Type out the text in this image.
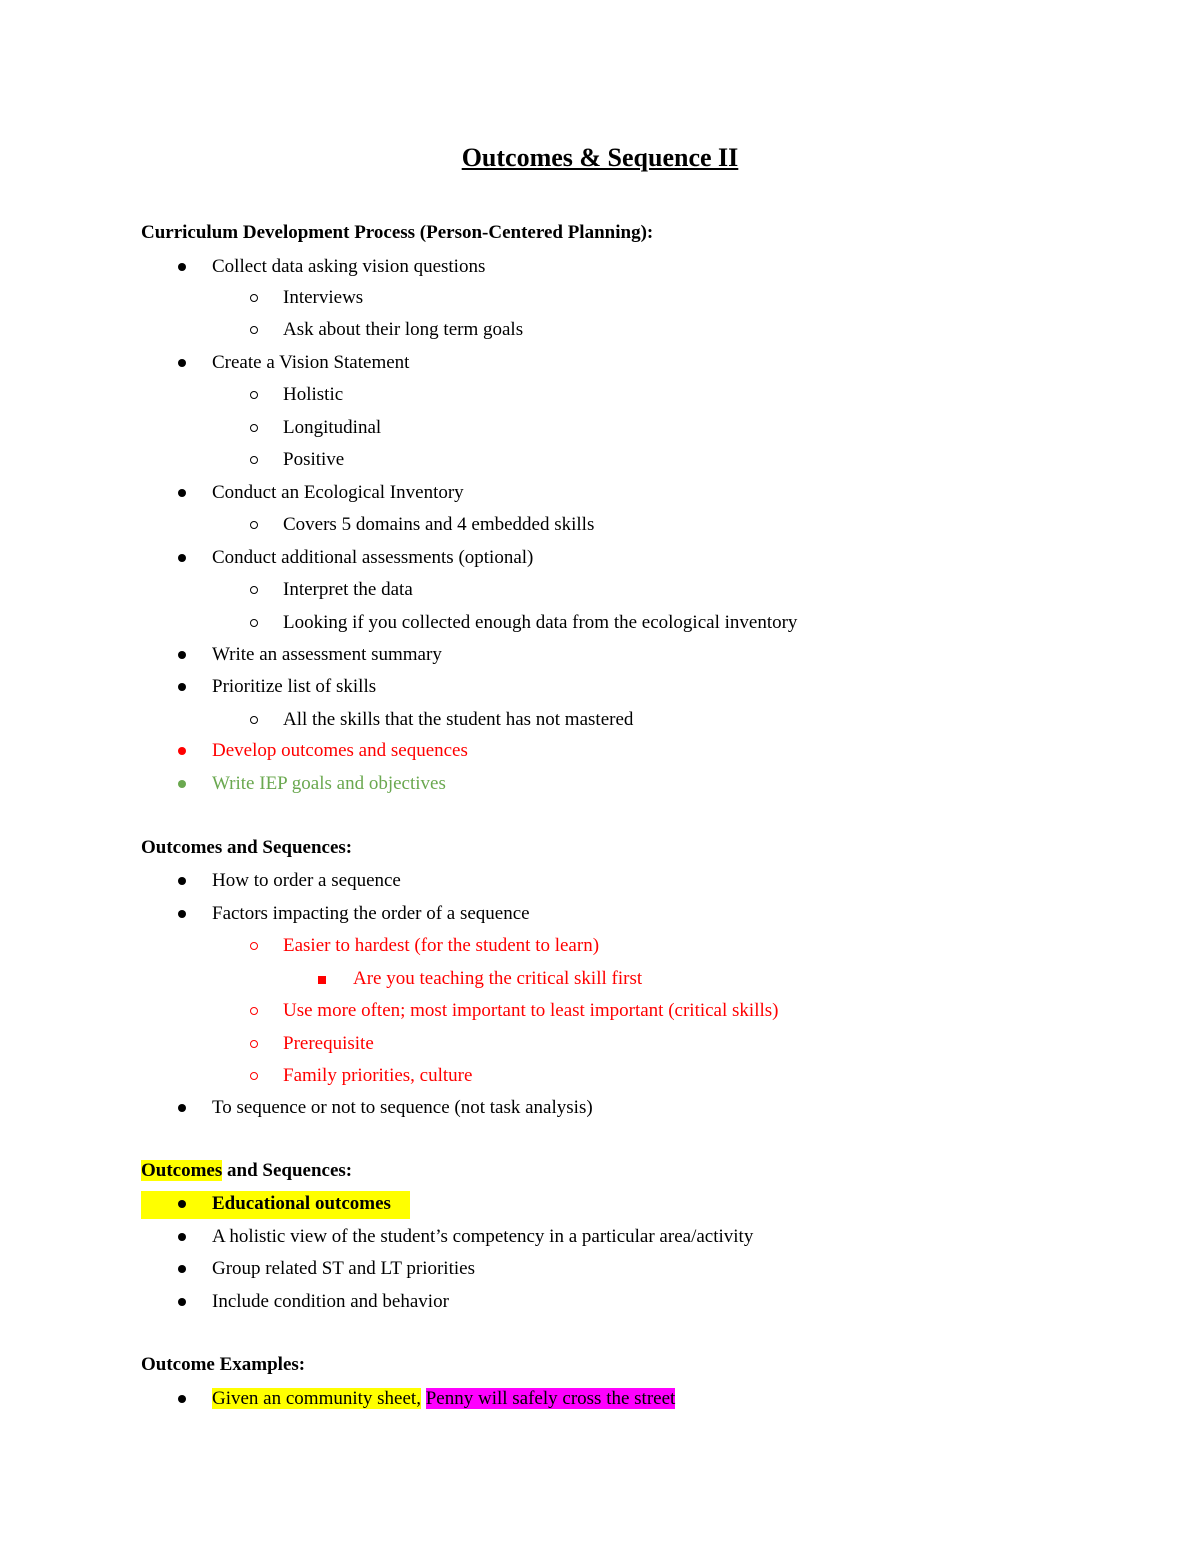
Outcomes & Sequence II
Curriculum Development Process (Person-Centered Planning):
Collect data asking vision questions
Interviews
Ask about their long term goals
Create a Vision Statement
Holistic
Longitudinal
Positive
Conduct an Ecological Inventory
Covers 5 domains and 4 embedded skills
Conduct additional assessments (optional)
Interpret the data
Looking if you collected enough data from the ecological inventory
Write an assessment summary
Prioritize list of skills
All the skills that the student has not mastered
Develop outcomes and sequences
Write IEP goals and objectives
Outcomes and Sequences:
How to order a sequence
Factors impacting the order of a sequence
Easier to hardest (for the student to learn)
Are you teaching the critical skill first
Use more often; most important to least important (critical skills)
Prerequisite
Family priorities, culture
To sequence or not to sequence (not task analysis)
Outcomes and Sequences:
Educational outcomes
A holistic view of the student’s competency in a particular area/activity
Group related ST and LT priorities
Include condition and behavior
Outcome Examples:
Given an community sheet, Penny will safely cross the street
